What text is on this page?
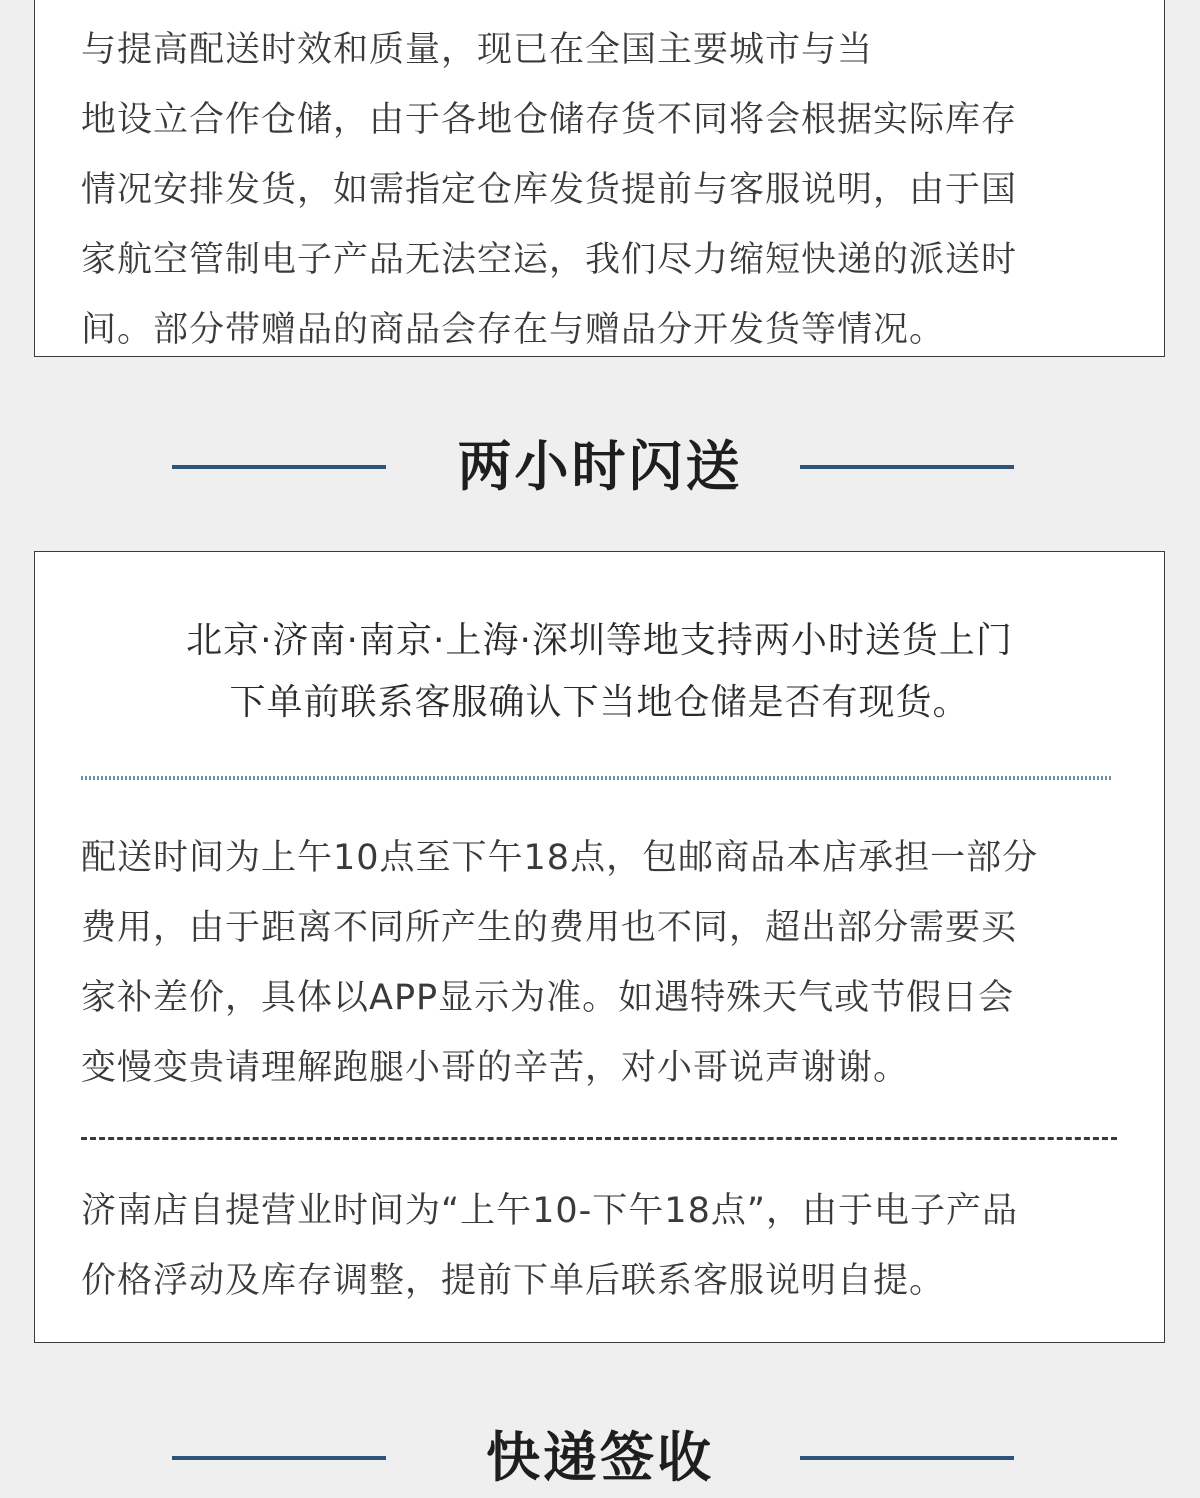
与提高配送时效和质量，现已在全国主要城市与当
地设立合作仓储，由于各地仓储存货不同将会根据实际库存
情况安排发货，如需指定仓库发货提前与客服说明，由于国
家航空管制电子产品无法空运，我们尽力缩短快递的派送时
间。部分带赠品的商品会存在与赠品分开发货等情况。
两小时闪送
北京·济南·南京·上海·深圳等地支持两小时送货上门
下单前联系客服确认下当地仓储是否有现货。
配送时间为上午10点至下午18点，包邮商品本店承担一部分
费用，由于距离不同所产生的费用也不同，超出部分需要买
家补差价，具体以APP显示为准。如遇特殊天气或节假日会
变慢变贵请理解跑腿小哥的辛苦，对小哥说声谢谢。
济南店自提营业时间为“上午10-下午18点”，由于电子产品
价格浮动及库存调整，提前下单后联系客服说明自提。
快递签收
